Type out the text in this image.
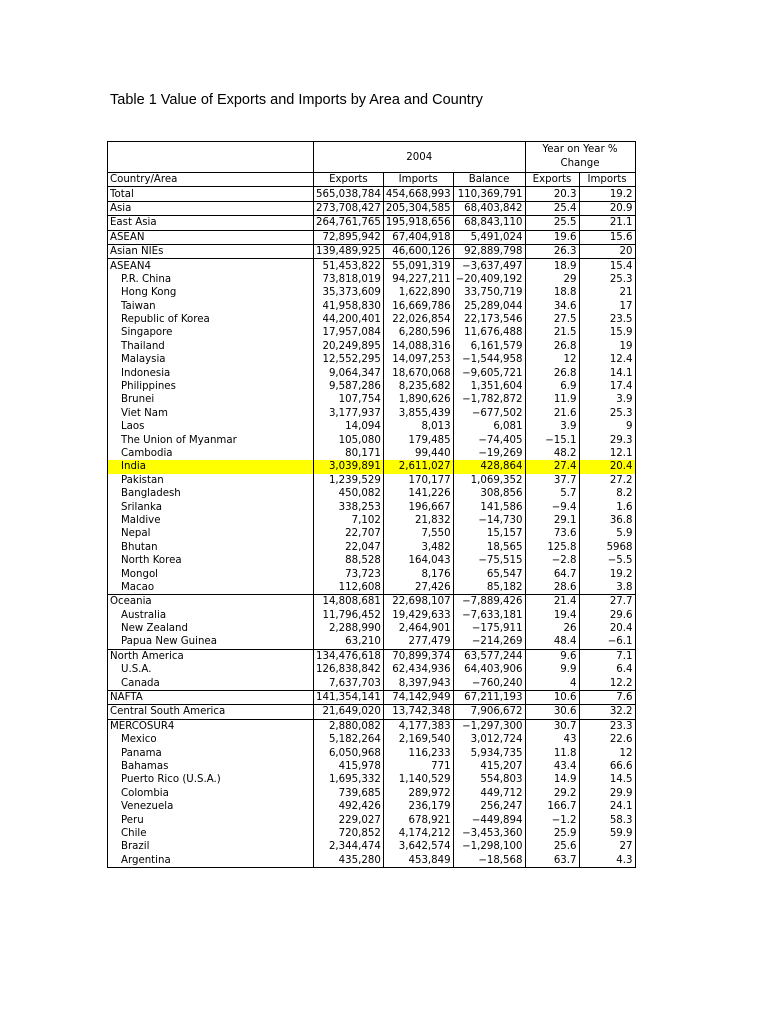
Table 1 Value of Exports and Imports by Area and Country
	2004			Year on Year % Change	
Country/Area	Exports	Imports	Balance	Exports	Imports
Total	565,038,784	454,668,993	110,369,791	20.3	19.2
Asia	273,708,427	205,304,585	68,403,842	25.4	20.9
East Asia	264,761,765	195,918,656	68,843,110	25.5	21.1
ASEAN	72,895,942	67,404,918	5,491,024	19.6	15.6
Asian NIEs	139,489,925	46,600,126	92,889,798	26.3	20
ASEAN4	51,453,822	55,091,319	−3,637,497	18.9	15.4
P.R. China	73,818,019	94,227,211	−20,409,192	29	25.3
Hong Kong	35,373,609	1,622,890	33,750,719	18.8	21
Taiwan	41,958,830	16,669,786	25,289,044	34.6	17
Republic of Korea	44,200,401	22,026,854	22,173,546	27.5	23.5
Singapore	17,957,084	6,280,596	11,676,488	21.5	15.9
Thailand	20,249,895	14,088,316	6,161,579	26.8	19
Malaysia	12,552,295	14,097,253	−1,544,958	12	12.4
Indonesia	9,064,347	18,670,068	−9,605,721	26.8	14.1
Philippines	9,587,286	8,235,682	1,351,604	6.9	17.4
Brunei	107,754	1,890,626	−1,782,872	11.9	3.9
Viet Nam	3,177,937	3,855,439	−677,502	21.6	25.3
Laos	14,094	8,013	6,081	3.9	9
The Union of Myanmar	105,080	179,485	−74,405	−15.1	29.3
Cambodia	80,171	99,440	−19,269	48.2	12.1
India	3,039,891	2,611,027	428,864	27.4	20.4
Pakistan	1,239,529	170,177	1,069,352	37.7	27.2
Bangladesh	450,082	141,226	308,856	5.7	8.2
Srilanka	338,253	196,667	141,586	−9.4	1.6
Maldive	7,102	21,832	−14,730	29.1	36.8
Nepal	22,707	7,550	15,157	73.6	5.9
Bhutan	22,047	3,482	18,565	125.8	5968
North Korea	88,528	164,043	−75,515	−2.8	−5.5
Mongol	73,723	8,176	65,547	64.7	19.2
Macao	112,608	27,426	85,182	28.6	3.8
Oceania	14,808,681	22,698,107	−7,889,426	21.4	27.7
Australia	11,796,452	19,429,633	−7,633,181	19.4	29.6
New Zealand	2,288,990	2,464,901	−175,911	26	20.4
Papua New Guinea	63,210	277,479	−214,269	48.4	−6.1
North America	134,476,618	70,899,374	63,577,244	9.6	7.1
U.S.A.	126,838,842	62,434,936	64,403,906	9.9	6.4
Canada	7,637,703	8,397,943	−760,240	4	12.2
NAFTA	141,354,141	74,142,949	67,211,193	10.6	7.6
Central South America	21,649,020	13,742,348	7,906,672	30.6	32.2
MERCOSUR4	2,880,082	4,177,383	−1,297,300	30.7	23.3
Mexico	5,182,264	2,169,540	3,012,724	43	22.6
Panama	6,050,968	116,233	5,934,735	11.8	12
Bahamas	415,978	771	415,207	43.4	66.6
Puerto Rico (U.S.A.)	1,695,332	1,140,529	554,803	14.9	14.5
Colombia	739,685	289,972	449,712	29.2	29.9
Venezuela	492,426	236,179	256,247	166.7	24.1
Peru	229,027	678,921	−449,894	−1.2	58.3
Chile	720,852	4,174,212	−3,453,360	25.9	59.9
Brazil	2,344,474	3,642,574	−1,298,100	25.6	27
Argentina	435,280	453,849	−18,568	63.7	4.3
